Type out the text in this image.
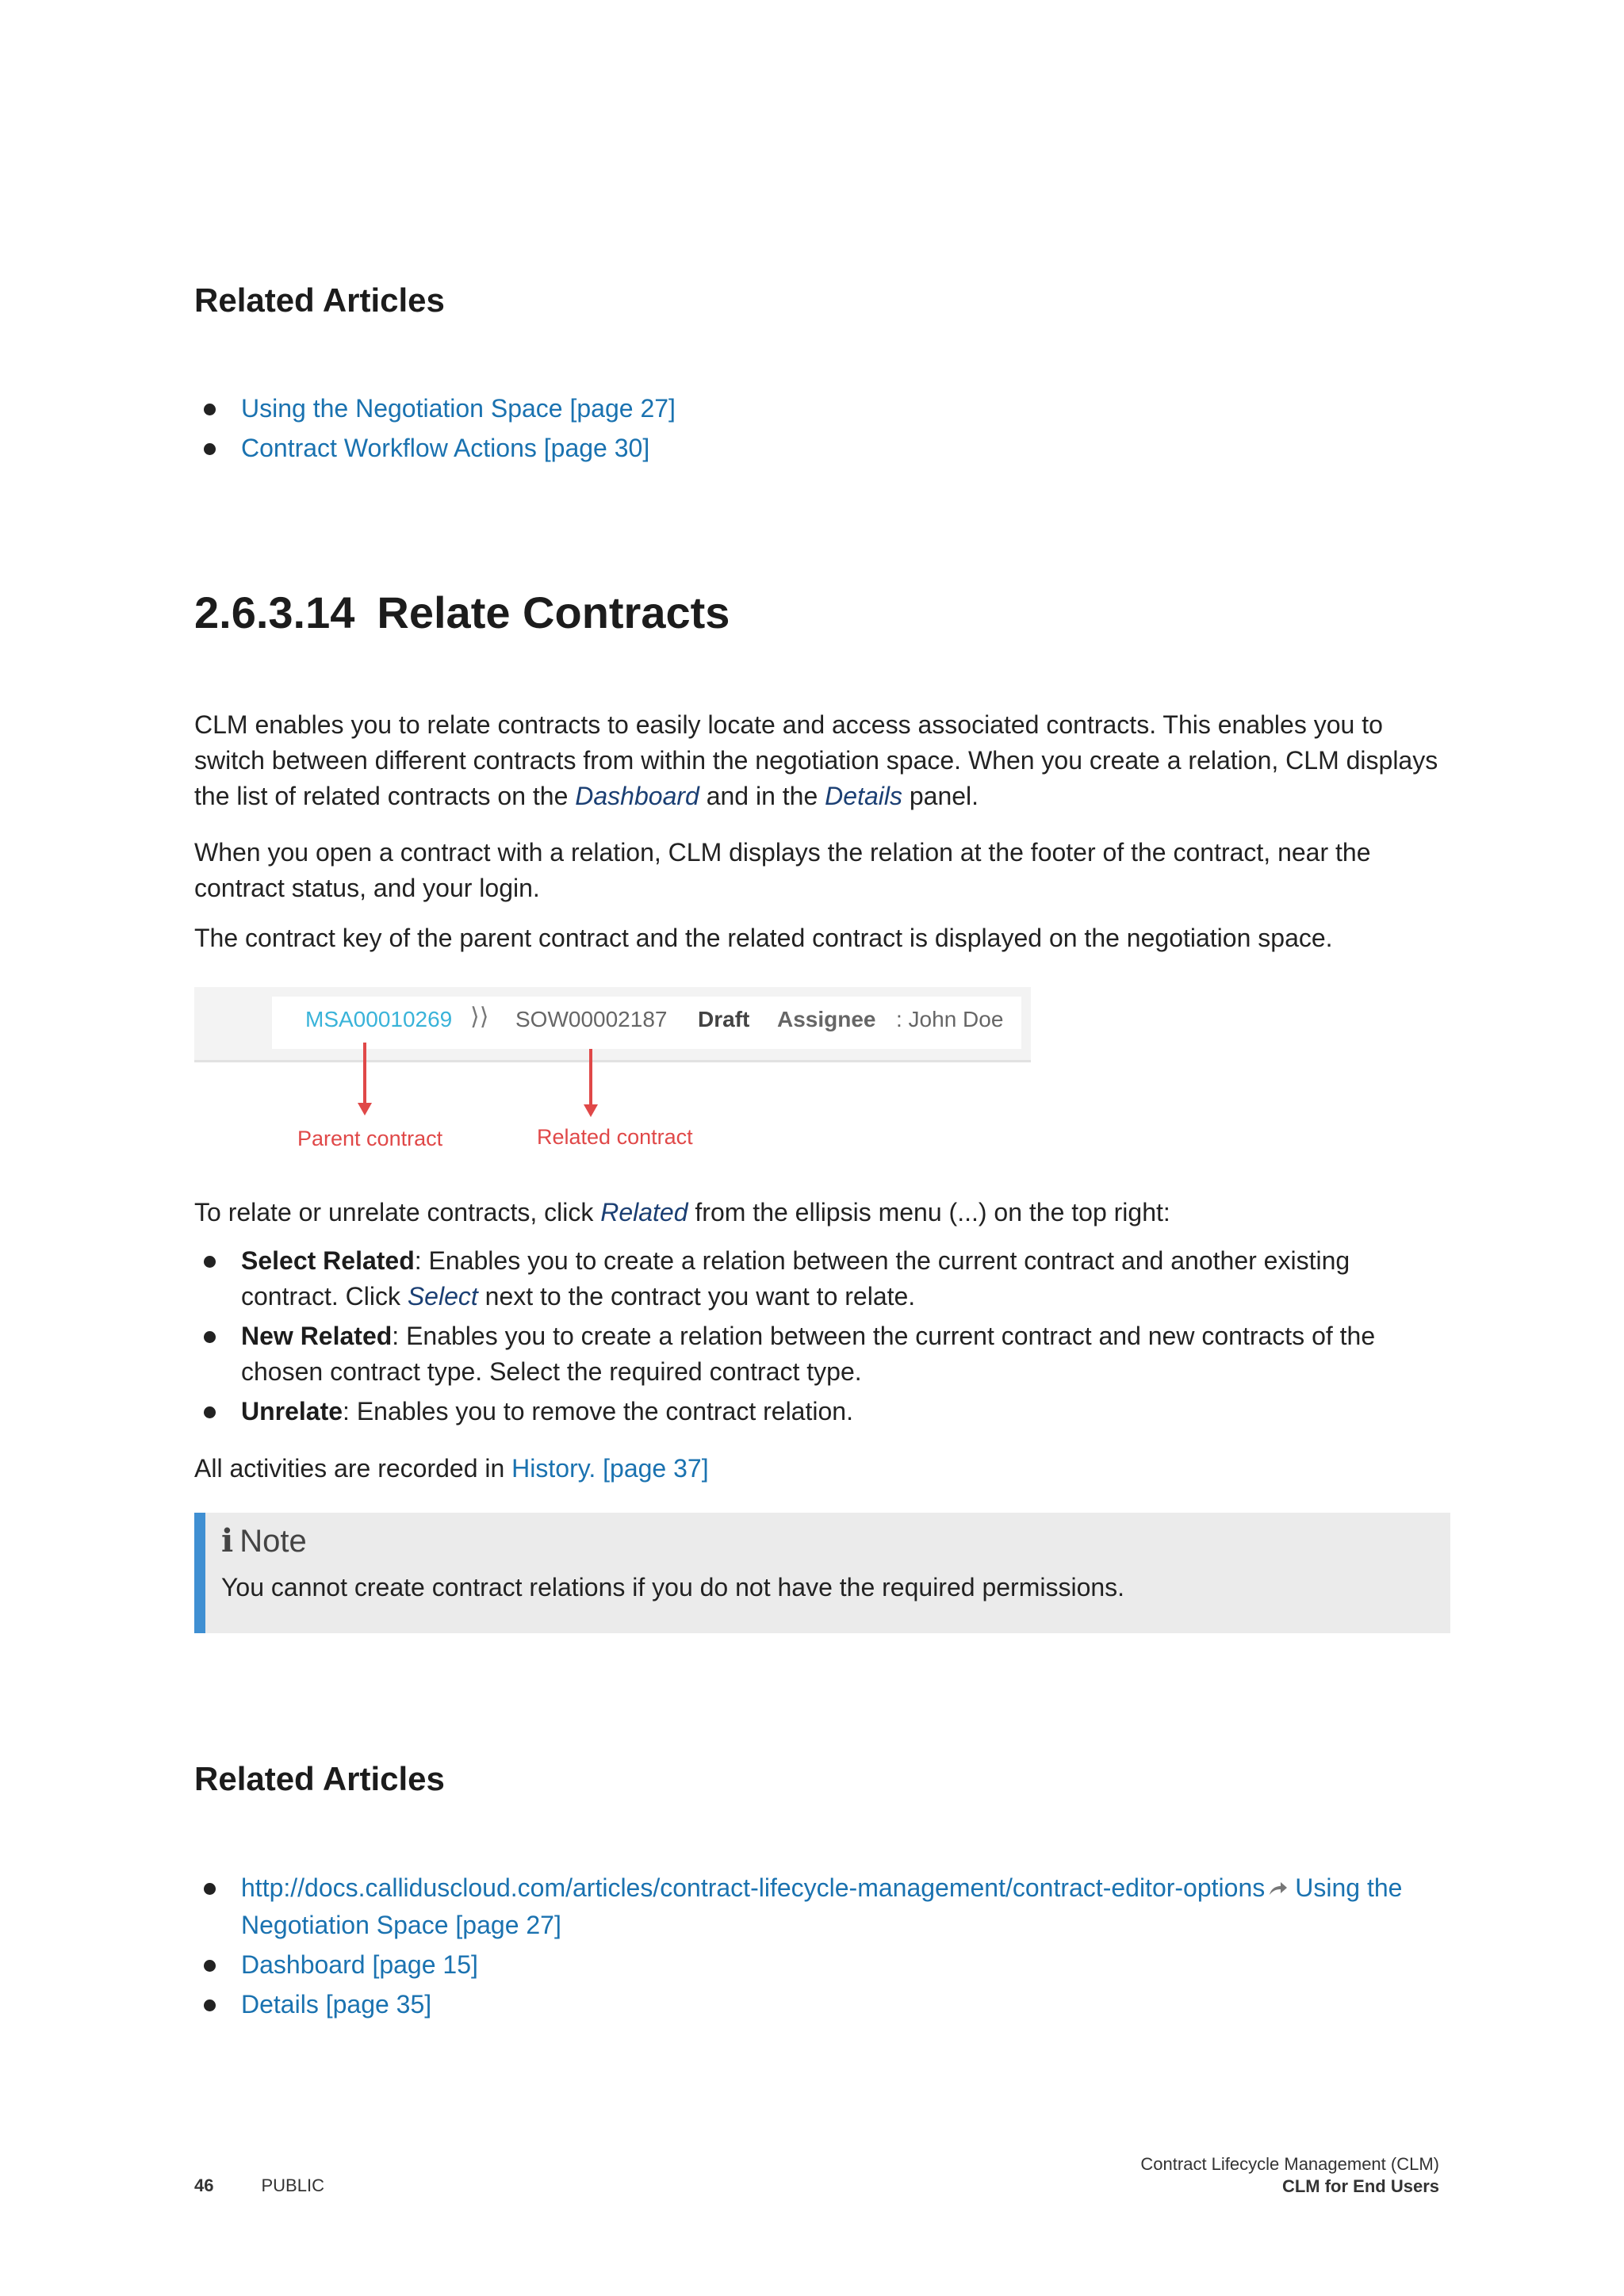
Related Articles
Using the Negotiation Space [page 27]
Contract Workflow Actions [page 30]
2.6.3.14 Relate Contracts

CLM enables you to relate contracts to easily locate and access associated contracts. This enables you to switch between different contracts from within the negotiation space. When you create a relation, CLM displays the list of related contracts on the Dashboard and in the Details panel.

When you open a contract with a relation, CLM displays the relation at the footer of the contract, near the contract status, and your login.

The contract key of the parent contract and the related contract is displayed on the negotiation space.

MSA00010269 ⟩⟩ SOW00002187 Draft Assignee : John Doe
Parent contract	Related contract

To relate or unrelate contracts, click Related from the ellipsis menu (...) on the top right:

Select Related: Enables you to create a relation between the current contract and another existing contract. Click Select next to the contract you want to relate.
New Related: Enables you to create a relation between the current contract and new contracts of the chosen contract type. Select the required contract type.
Unrelate: Enables you to remove the contract relation.

All activities are recorded in History. [page 37]

i Note
You cannot create contract relations if you do not have the required permissions.
Related Articles
http://docs.calliduscloud.com/articles/contract-lifecycle-management/contract-editor-options Using the Negotiation Space [page 27]
Dashboard [page 15]
Details [page 35]
46	PUBLIC
Contract Lifecycle Management (CLM)
CLM for End Users
